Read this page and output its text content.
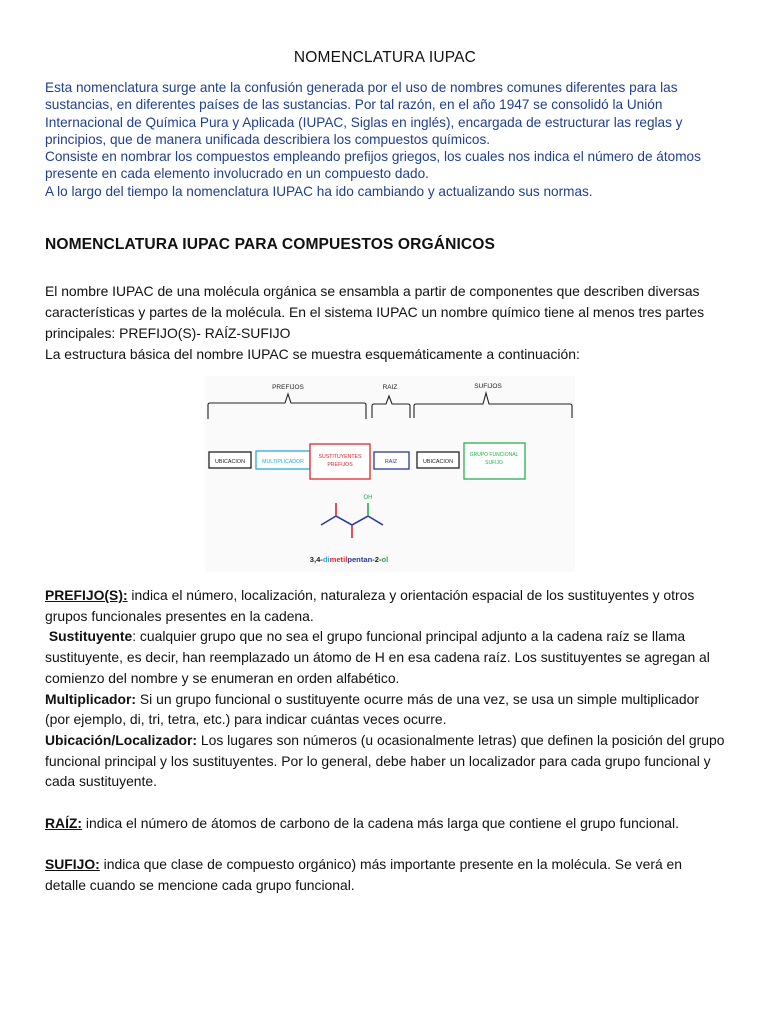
NOMENCLATURA IUPAC

Esta nomenclatura surge ante la confusión generada por el uso de nombres comunes diferentes para las sustancias, en diferentes países de las sustancias. Por tal razón, en el año 1947 se consolidó la Unión Internacional de Química Pura y Aplicada (IUPAC, Siglas en inglés), encargada de estructurar las reglas y principios, que de manera unificada describiera los compuestos químicos.

Consiste en nombrar los compuestos empleando prefijos griegos, los cuales nos indica el número de átomos presente en cada elemento involucrado en un compuesto dado.

A lo largo del tiempo la nomenclatura IUPAC ha ido cambiando y actualizando sus normas.

NOMENCLATURA IUPAC PARA COMPUESTOS ORGÁNICOS

El nombre IUPAC de una molécula orgánica se ensambla a partir de componentes que describen diversas características y partes de la molécula. En el sistema IUPAC un nombre químico tiene al menos tres partes principales: PREFIJO(S)- RAÍZ-SUFIJO

La estructura básica del nombre IUPAC se muestra esquemáticamente a continuación:

PREFIJOS	RAIZ	SUFIJOS
UBICACION	MULTIPLICADOR
SUSTITUYENTES
PREFIJOS	RAIZ	UBICACION
GRUPO FUNCIONAL
SUFIJO
OH
3,4-dimetilpentan-2-ol

PREFIJO(S): indica el número, localización, naturaleza y orientación espacial de los sustituyentes y otros grupos funcionales presentes en la cadena.

Sustituyente: cualquier grupo que no sea el grupo funcional principal adjunto a la cadena raíz se llama sustituyente, es decir, han reemplazado un átomo de H en esa cadena raíz. Los sustituyentes se agregan al comienzo del nombre y se enumeran en orden alfabético.

Multiplicador: Si un grupo funcional o sustituyente ocurre más de una vez, se usa un simple multiplicador (por ejemplo, di, tri, tetra, etc.) para indicar cuántas veces ocurre.

Ubicación/Localizador: Los lugares son números (u ocasionalmente letras) que definen la posición del grupo funcional principal y los sustituyentes. Por lo general, debe haber un localizador para cada grupo funcional y cada sustituyente.

RAÍZ: indica el número de átomos de carbono de la cadena más larga que contiene el grupo funcional.

SUFIJO: indica que clase de compuesto orgánico) más importante presente en la molécula. Se verá en detalle cuando se mencione cada grupo funcional.
